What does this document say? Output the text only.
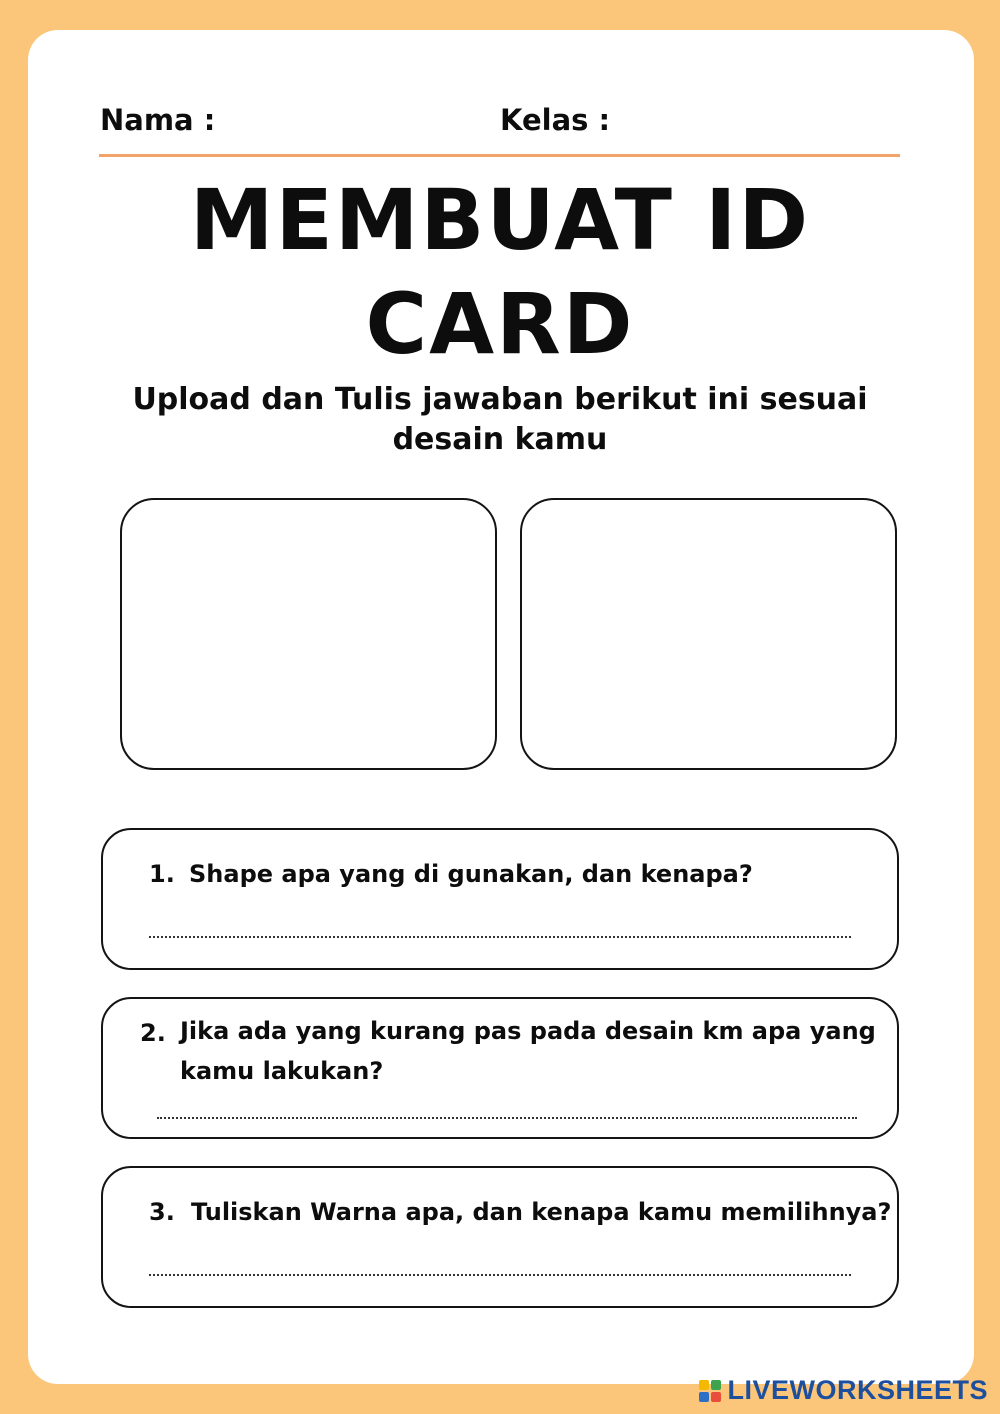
Nama :	Kelas :
MEMBUAT ID
CARD
Upload dan Tulis jawaban berikut ini sesuai
desain kamu
1. Shape apa yang di gunakan, dan kenapa?
2. Jika ada yang kurang pas pada desain km apa yang
kamu lakukan?
3. Tuliskan Warna apa, dan kenapa kamu memilihnya?
LIVEWORKSHEETS
